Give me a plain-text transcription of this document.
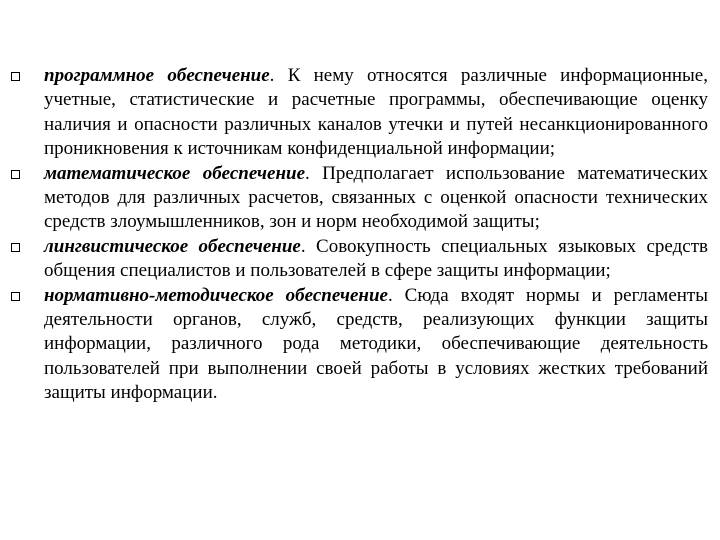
программное обеспечение. К нему относятся различные информационные, учетные, статистические и расчетные программы, обеспечивающие оценку наличия и опасности различных каналов утечки и путей несанкционированного проникновения к источникам конфиденциальной информации;
математическое обеспечение. Предполагает использование математических методов для различных расчетов, связанных с оценкой опасности технических средств злоумышленников, зон и норм необходимой защиты;
лингвистическое обеспечение. Совокупность специальных языковых средств общения специалистов и пользователей в сфере защиты информации;
нормативно-методическое обеспечение. Сюда входят нормы и регламенты деятельности органов, служб, средств, реализующих функции защиты информации, различного рода методики, обеспечивающие деятельность пользователей при выполнении своей работы в условиях жестких требований защиты информации.
